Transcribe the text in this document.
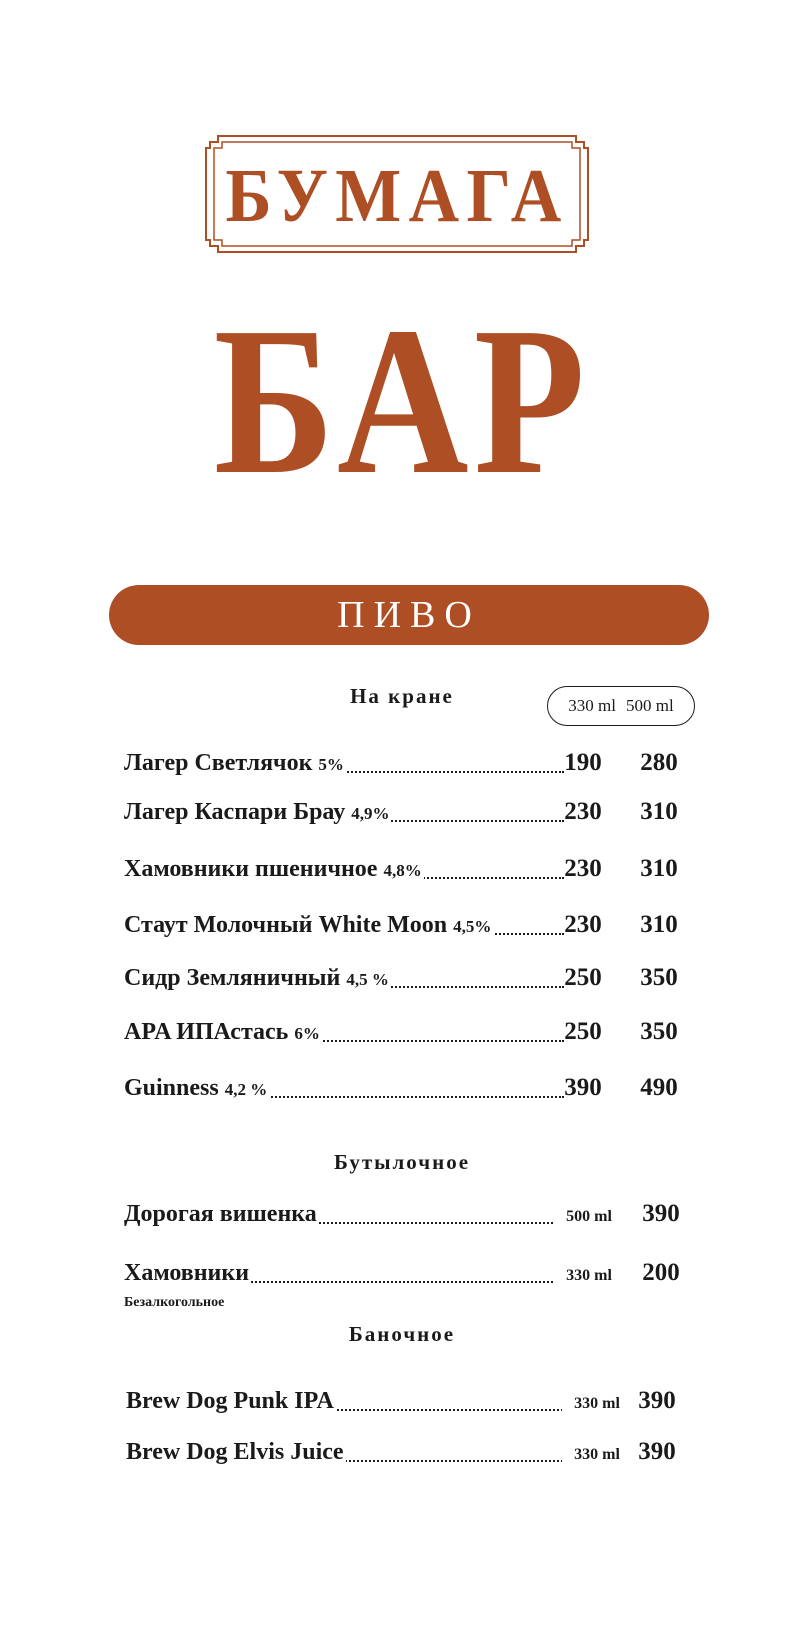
БУМАГА
БАР
ПИВО
На кране	330 ml 500 ml
Лагер Светлячок 5%	190 280
Лагер Каспари Брау 4,9%	230 310
Хамовники пшеничное 4,8%	230 310
Стаут Молочный White Moon 4,5%	230 310
Сидр Земляничный 4,5 %	250 350
APA ИПАстась 6%	250 350
Guinness 4,2 %	390 490
Бутылочное
Дорогая вишенка	500 ml	390
Хамовники	330 ml	200
Безалкогольное
Баночное
Brew Dog Punk IPA	330 ml 390
Brew Dog Elvis Juice	330 ml 390
